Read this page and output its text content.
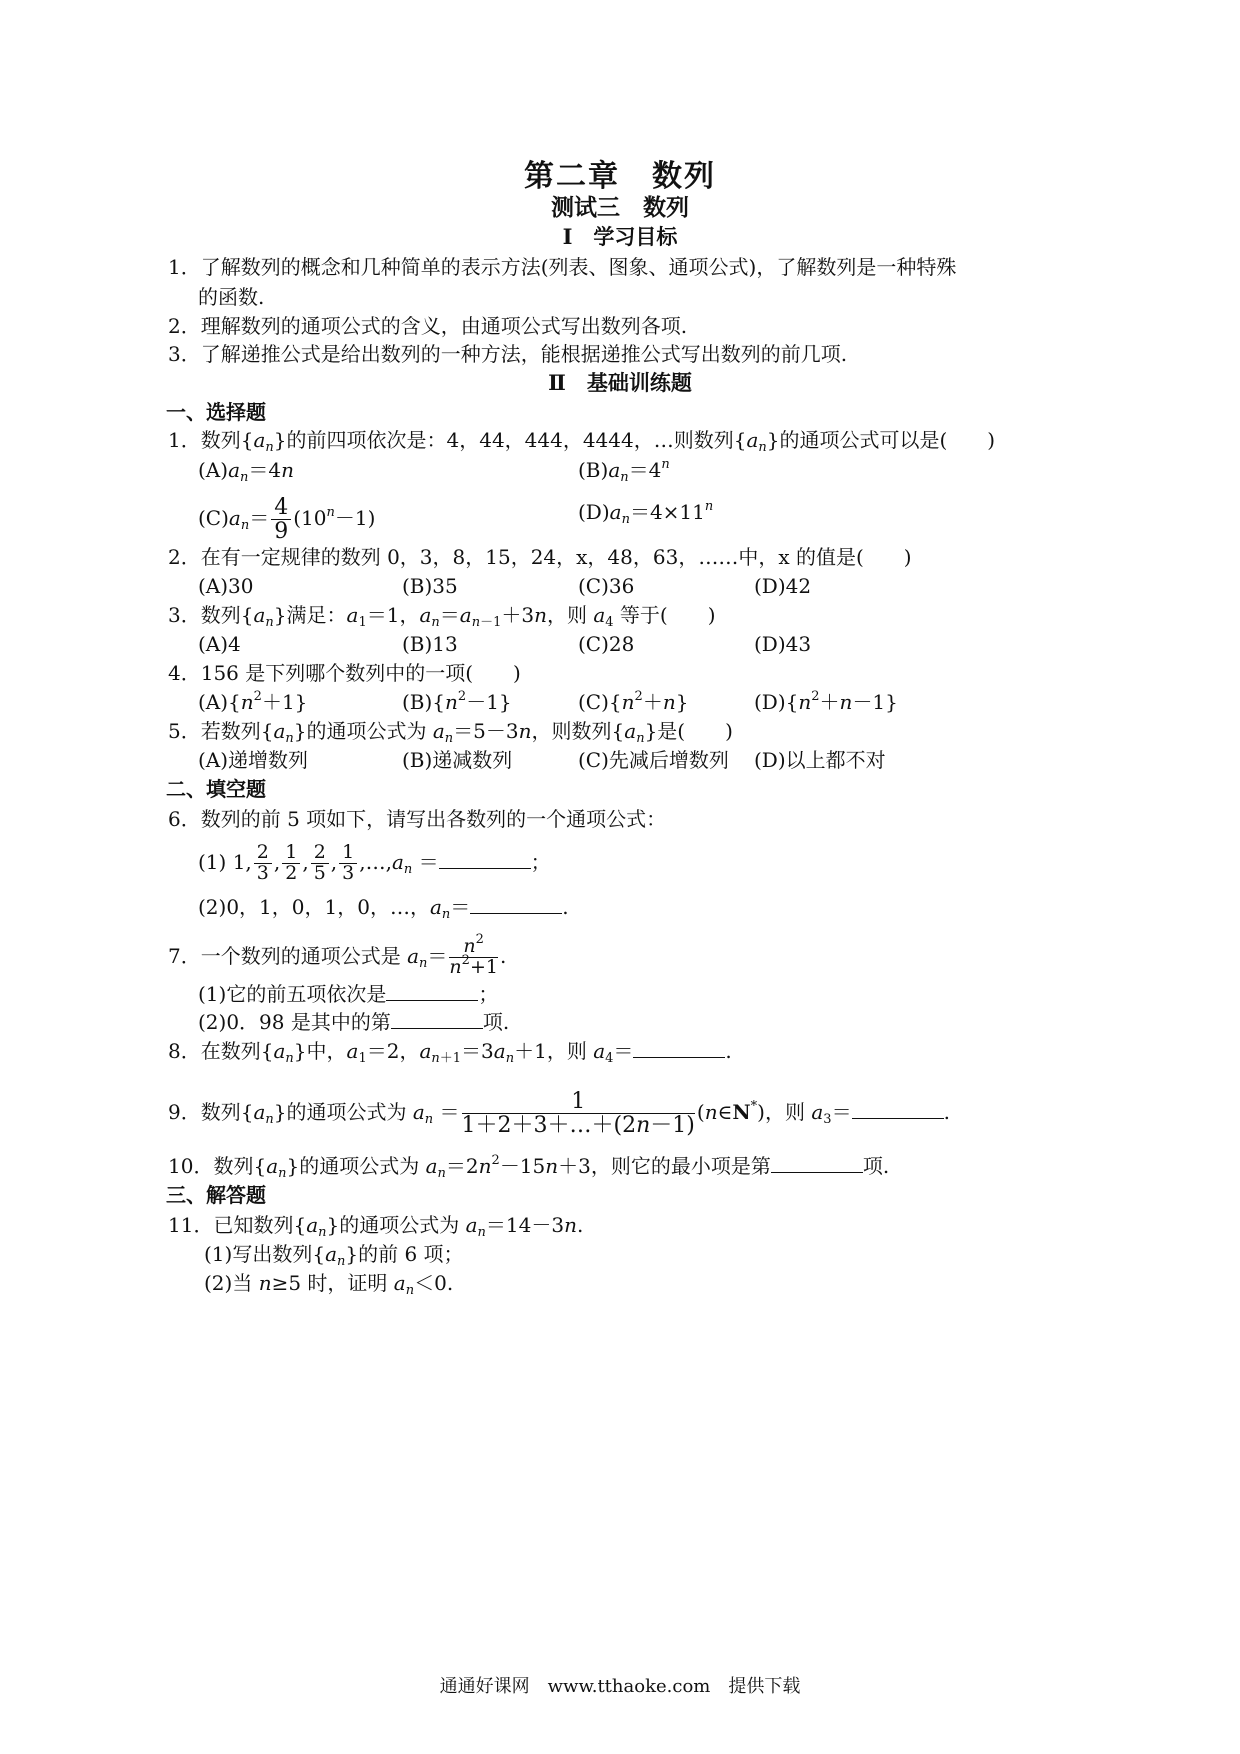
第二章　数列
测试三　数列
Ⅰ　学习目标
1．了解数列的概念和几种简单的表示方法(列表、图象、通项公式)，了解数列是一种特殊
的函数.
2．理解数列的通项公式的含义，由通项公式写出数列各项.
3．了解递推公式是给出数列的一种方法，能根据递推公式写出数列的前几项.
Ⅱ　基础训练题
一、选择题
1．数列$\{a_n\}$的前四项依次是：4，44，444，4444，…则数列$\{a_n\}$的通项公式可以是(　　)
$(A)a_n=4n$	$(B)a_n=4^n$
$(C)a_n= \frac{4}{9} (10^n-1)$	$(D)a_n=4\times 11^n$
2．在有一定规律的数列 0，3，8，15，24，x，48，63，……中，x 的值是(　　)
(A)30	(B)35	(C)36	(D)42
3．数列$\{a_n\}$满足：$a_1=1$，$a_n=a_{n-1}+3n$，则 $a_4$ 等于(　　)
(A)4	(B)13	(C)28	(D)43
4．156 是下列哪个数列中的一项(　　)
$(A)\{n^2+1\}$	$(B)\{n^2-1\}$	$(C)\{n^2+n\}$	$(D)\{n^2+n-1\}$
5．若数列$\{a_n\}$的通项公式为 $a_n=5-3n$，则数列$\{a_n\}$是(　　)
(A)递增数列	(B)递减数列	(C)先减后增数列 (D)以上都不对
二、填空题
6．数列的前 5 项如下，请写出各数列的一个通项公式：
(1) 1, $\frac{2}{3}$ , $\frac{1}{2}$ , $\frac{2}{5}$ , $\frac{1}{3}$ $,\dots,a_n$ ＝	；
(2)0，1，0，1，0，…，$a_n=$	.
7．一个数列的通项公式是 $a_n= \frac{n^2}{n^2+1}$ .
(1)它的前五项依次是	；
(2)0．98 是其中的第	项.
8．在数列$\{a_n\}$中，$a_1=2$，$a_{n+1}=3a_n+1$，则 $a_4=$	.
9．数列$\{a_n\}$的通项公式为 $a_n = \frac{1}{1+2+3+\dots+(2n-1)}$ (n∈N*)，则 $a_3=$	.
10．数列$\{a_n\}$的通项公式为 $a_n=2n^2-15n+3$，则它的最小项是第	项.
三、解答题
11．已知数列$\{a_n\}$的通项公式为 $a_n=14-3n$.
(1)写出数列$\{a_n\}$的前 6 项；
(2)当 n≥5 时，证明 $a_n<0$.
通通好课网　www.tthaoke.com　提供下载
